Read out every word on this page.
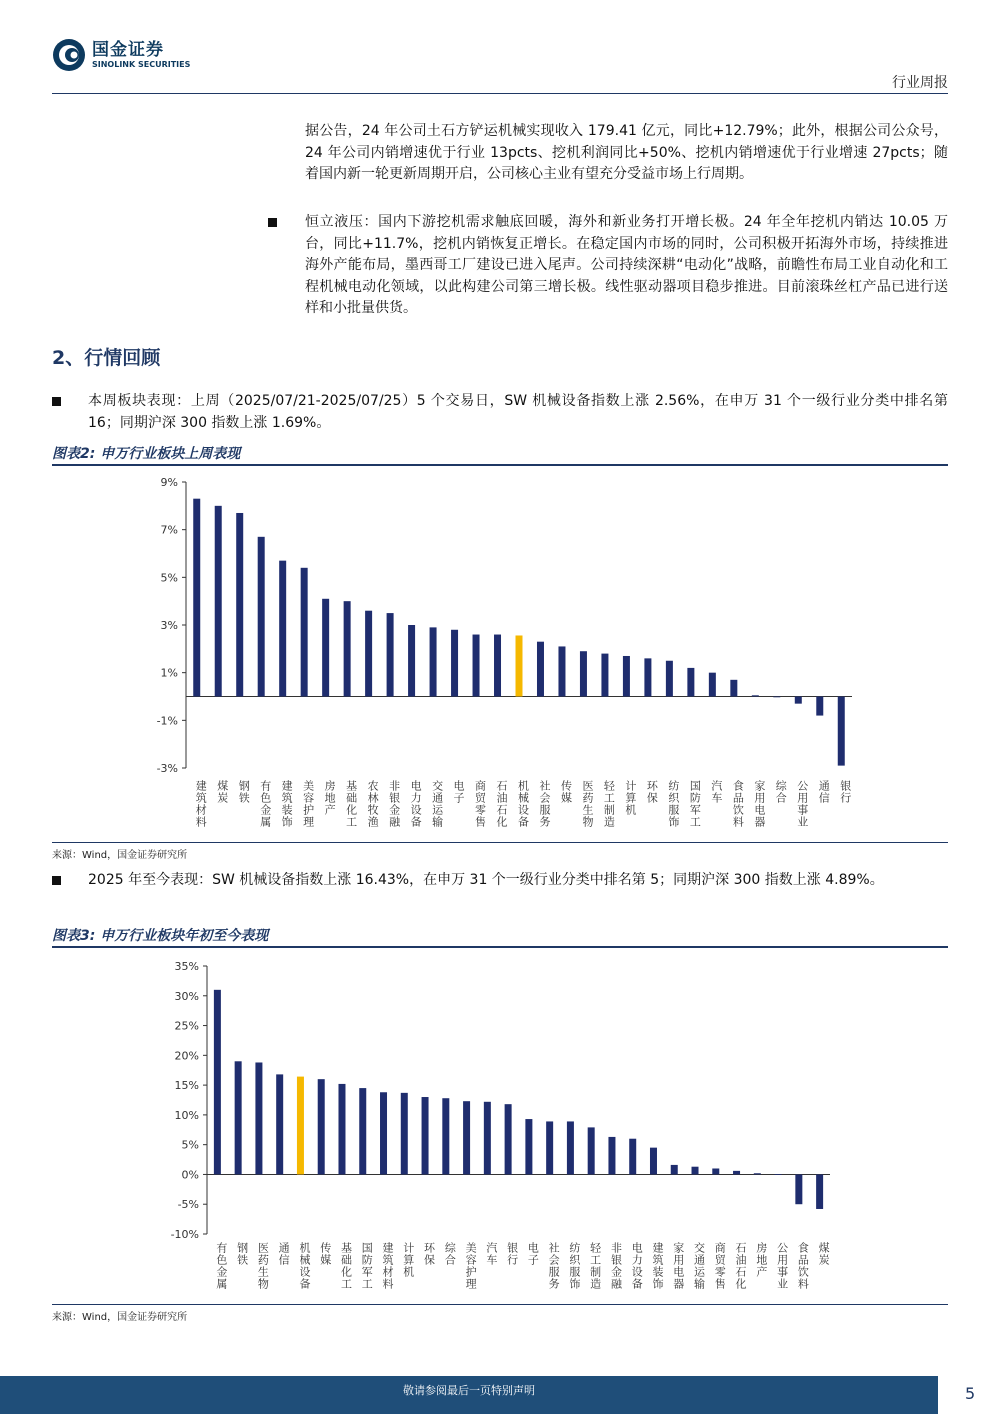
国金证券
SINOLINK SECURITIES
行业周报
据公告，24 年公司土石方铲运机械实现收入 179.41 亿元，同比+12.79%；此外，根据公司公众号，24 年公司内销增速优于行业 13pcts、挖机利润同比+50%、挖机内销增速优于行业增速 27pcts；随着国内新一轮更新周期开启，公司核心主业有望充分受益市场上行周期。
恒立液压：国内下游挖机需求触底回暖，海外和新业务打开增长极。24 年全年挖机内销达 10.05 万台，同比+11.7%，挖机内销恢复正增长。在稳定国内市场的同时，公司积极开拓海外市场，持续推进海外产能布局，墨西哥工厂建设已进入尾声。公司持续深耕“电动化”战略，前瞻性布局工业自动化和工程机械电动化领域，以此构建公司第三增长极。线性驱动器项目稳步推进。目前滚珠丝杠产品已进行送样和小批量供货。
2、行情回顾
本周板块表现：上周（2025/07/21-2025/07/25）5 个交易日，SW 机械设备指数上涨 2.56%，在申万 31 个一级行业分类中排名第 16；同期沪深 300 指数上涨 1.69%。
图表2: 申万行业板块上周表现
9%
7%
5%
3%
1%
-1%
-3%
建筑材料 煤炭 钢铁 有色金属 建筑装饰 美容护理 房地产 基础化工 农林牧渔 非银金融 电力设备 交通运输 电子 商贸零售 石油石化 机械设备 社会服务 传媒 医药生物 轻工制造 计算机 环保 纺织服饰 国防军工 汽车 食品饮料 家用电器 综合 公用事业 通信 银行
来源：Wind，国金证券研究所
2025 年至今表现：SW 机械设备指数上涨 16.43%，在申万 31 个一级行业分类中排名第 5；同期沪深 300 指数上涨 4.89%。
图表3: 申万行业板块年初至今表现
35%
30%
25%
20%
15%
10%
5%
0%
-5%
-10%
有色金属 钢铁 医药生物 通信 机械设备 传媒 基础化工 国防军工 建筑材料 计算机 环保 综合 美容护理 汽车 银行 电子 社会服务 纺织服饰 轻工制造 非银金融 电力设备 建筑装饰 家用电器 交通运输 商贸零售 石油石化 房地产 公用事业 食品饮料 煤炭
来源：Wind，国金证券研究所
敬请参阅最后一页特别声明	5
